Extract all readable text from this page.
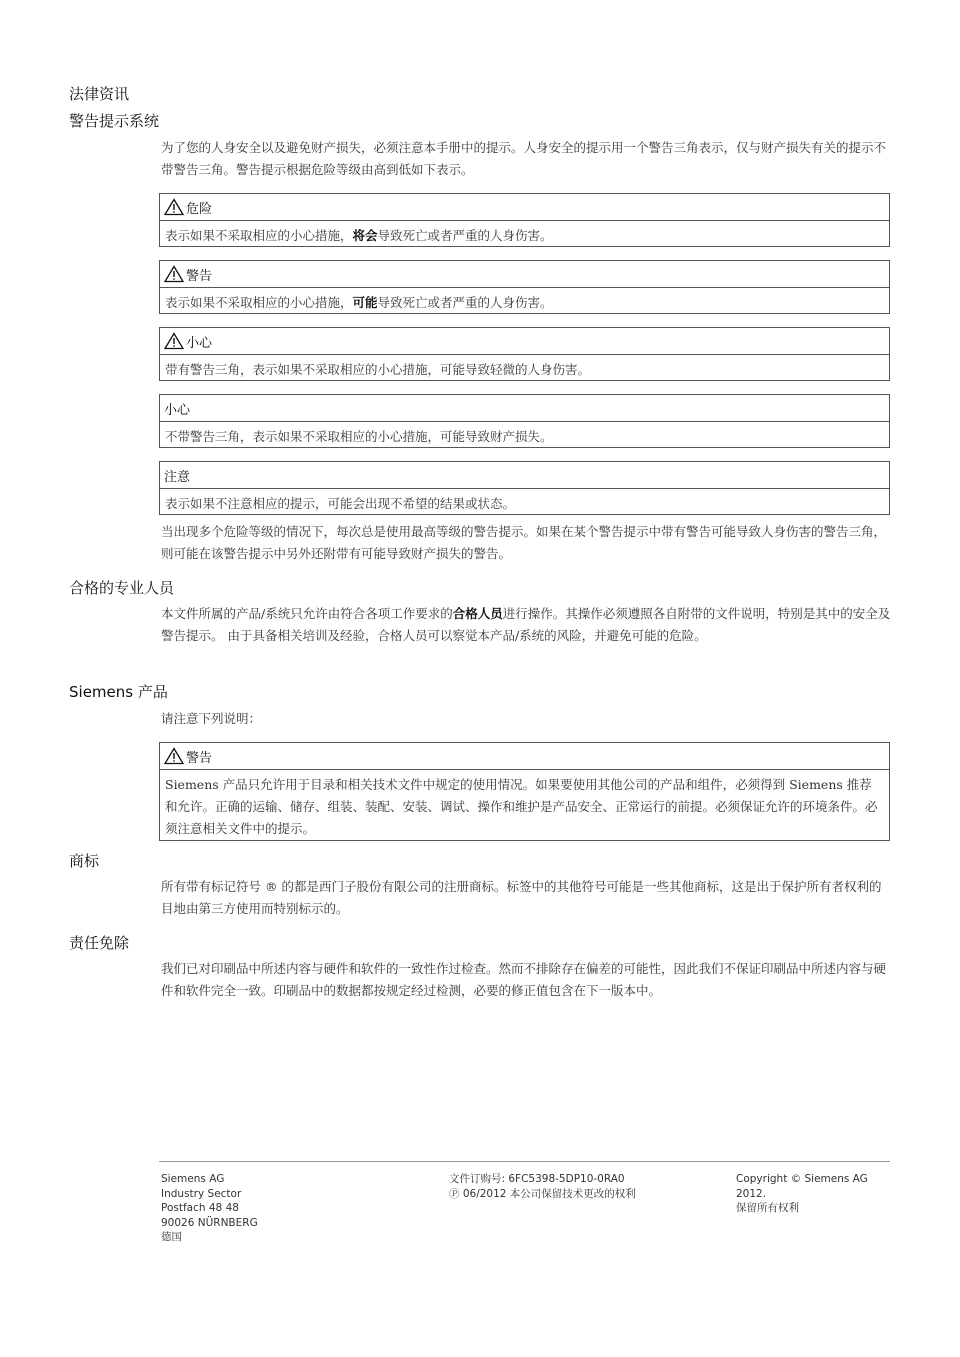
法律资讯
警告提示系统
为了您的人身安全以及避免财产损失，必须注意本手册中的提示。人身安全的提示用一个警告三角表示，仅与财产损失有关的提示不带警告三角。警告提示根据危险等级由高到低如下表示。
危险
表示如果不采取相应的小心措施，将会导致死亡或者严重的人身伤害。
警告
表示如果不采取相应的小心措施，可能导致死亡或者严重的人身伤害。
小心
带有警告三角，表示如果不采取相应的小心措施，可能导致轻微的人身伤害。
小心
不带警告三角，表示如果不采取相应的小心措施，可能导致财产损失。
注意
表示如果不注意相应的提示，可能会出现不希望的结果或状态。
当出现多个危险等级的情况下，每次总是使用最高等级的警告提示。如果在某个警告提示中带有警告可能导致人身伤害的警告三角，则可能在该警告提示中另外还附带有可能导致财产损失的警告。
合格的专业人员
本文件所属的产品/系统只允许由符合各项工作要求的合格人员进行操作。其操作必须遵照各自附带的文件说明，特别是其中的安全及警告提示。 由于具备相关培训及经验，合格人员可以察觉本产品/系统的风险，并避免可能的危险。
Siemens 产品
请注意下列说明：
警告
Siemens 产品只允许用于目录和相关技术文件中规定的使用情况。如果要使用其他公司的产品和组件，必须得到 Siemens 推荐和允许。正确的运输、储存、组装、装配、安装、调试、操作和维护是产品安全、正常运行的前提。必须保证允许的环境条件。必须注意相关文件中的提示。
商标
所有带有标记符号 ® 的都是西门子股份有限公司的注册商标。标签中的其他符号可能是一些其他商标，这是出于保护所有者权利的 目地由第三方使用而特别标示的。
责任免除
我们已对印刷品中所述内容与硬件和软件的一致性作过检查。然而不排除存在偏差的可能性，因此我们不保证印刷品中所述内容与硬件和软件完全一致。印刷品中的数据都按规定经过检测，必要的修正值包含在下一版本中。
Siemens AG
Industry Sector
Postfach 48 48
90026 NÜRNBERG
德国
文件订购号: 6FC5398-5DP10-0RA0
Ⓟ 06/2012 本公司保留技术更改的权利
Copyright © Siemens AG
2012.
保留所有权利
